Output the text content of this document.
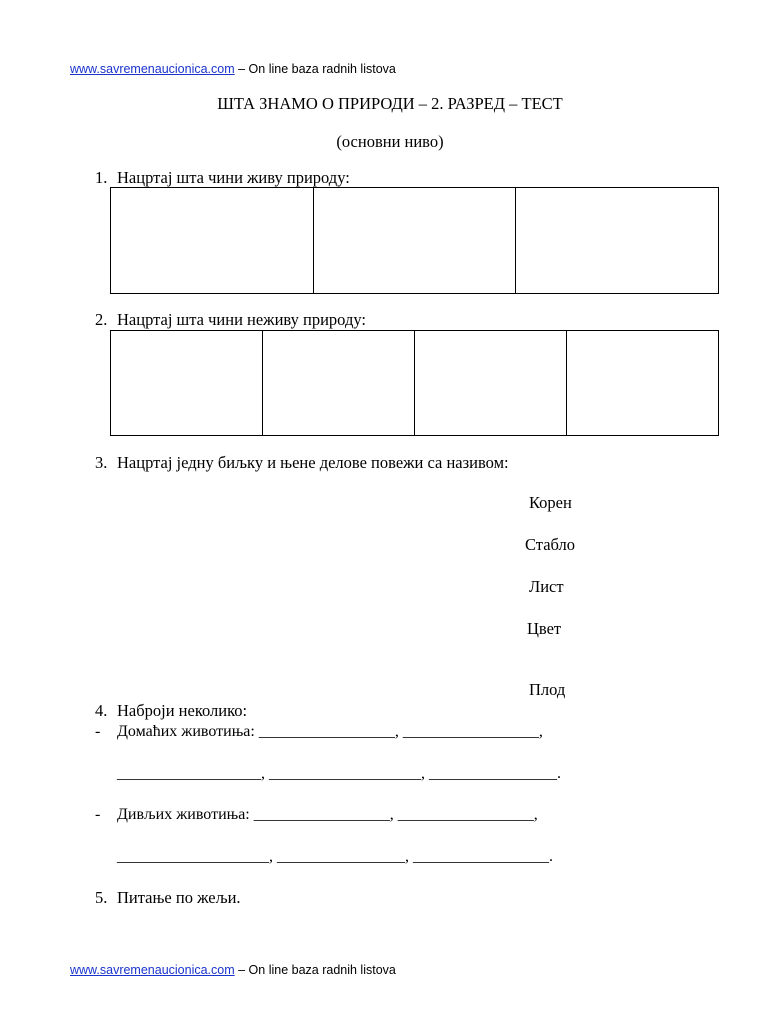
www.savremenaucionica.com – On line baza radnih listova
ШТА ЗНАМО О ПРИРОДИ – 2. РАЗРЕД – ТЕСТ
(основни ниво)
1. Нацртај шта чини живу природу:
2. Нацртај шта чини неживу природу:
3. Нацртај једну биљку и њене делове повежи са називом:
Корен
Стабло
Лист
Цвет
Плод
4. Наброји неколико:
- Домаћих животиња: _________________, _________________,
__________________, ___________________, ________________.
- Дивљих животиња: _________________, _________________,
___________________, ________________, _________________.
5. Питање по жељи.
www.savremenaucionica.com – On line baza radnih listova
